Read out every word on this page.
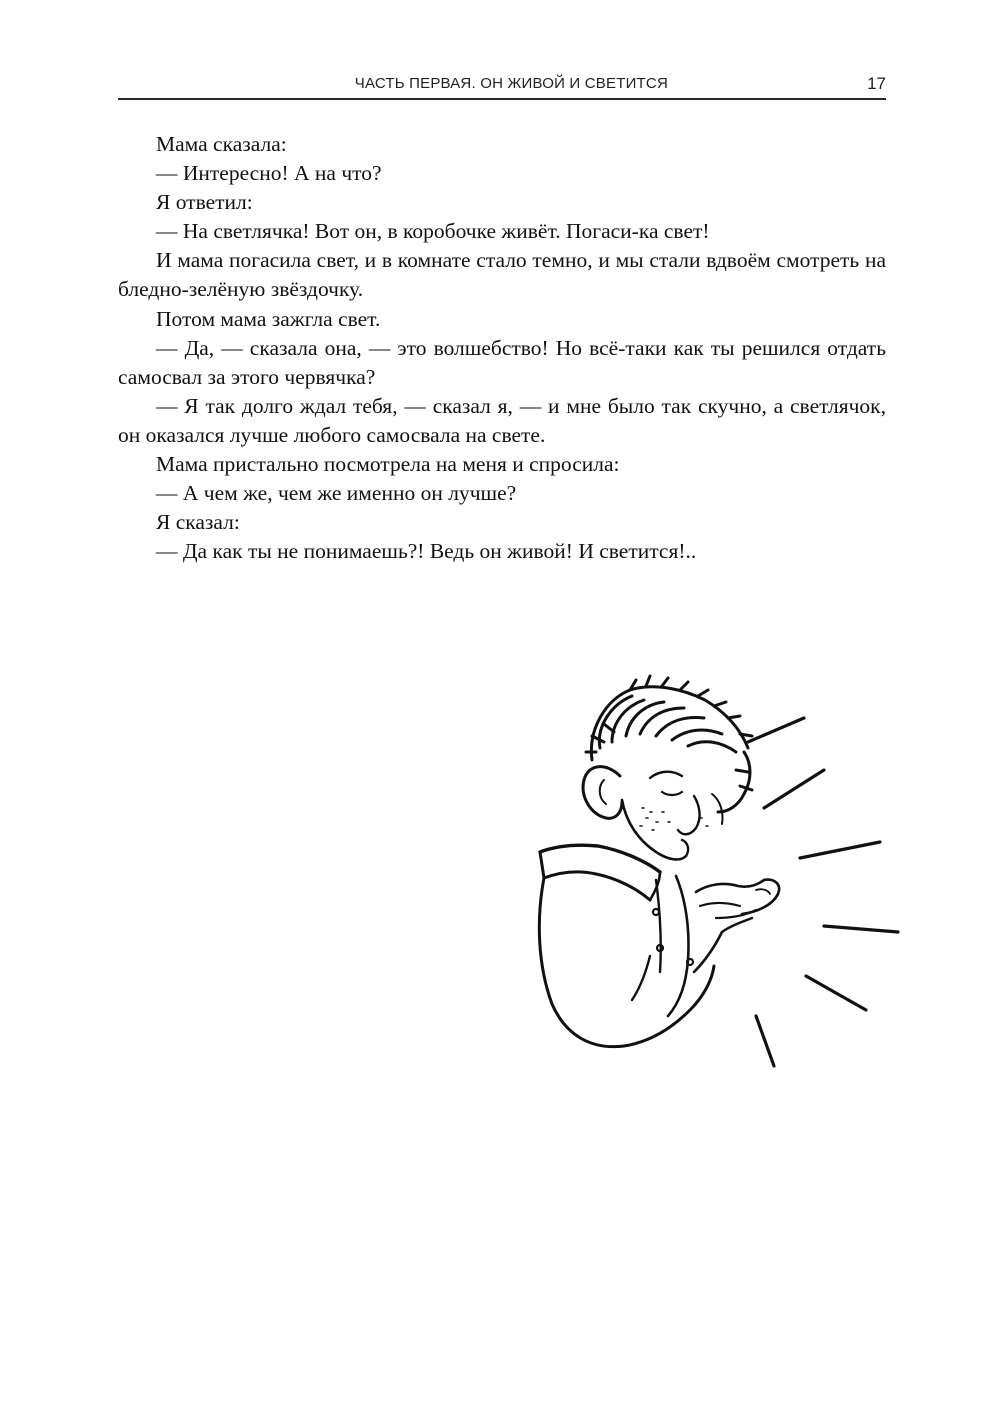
ЧАСТЬ ПЕРВАЯ. ОН ЖИВОЙ И СВЕТИТСЯ	17

Мама сказала:

— Интересно! А на что?

Я ответил:

— На светлячка! Вот он, в коробочке живёт. Погаси-ка свет!

И мама погасила свет, и в комнате стало темно, и мы стали вдвоём смотреть на бледно-зелёную звёздочку.

Потом мама зажгла свет.

— Да, — сказала она, — это волшебство! Но всё-таки как ты решился отдать самосвал за этого червячка?

— Я так долго ждал тебя, — сказал я, — и мне было так скучно, а светлячок, он оказался лучше любого самосвала на свете.

Мама пристально посмотрела на меня и спросила:

— А чем же, чем же именно он лучше?

Я сказал:

— Да как ты не понимаешь?! Ведь он живой! И светится!..
